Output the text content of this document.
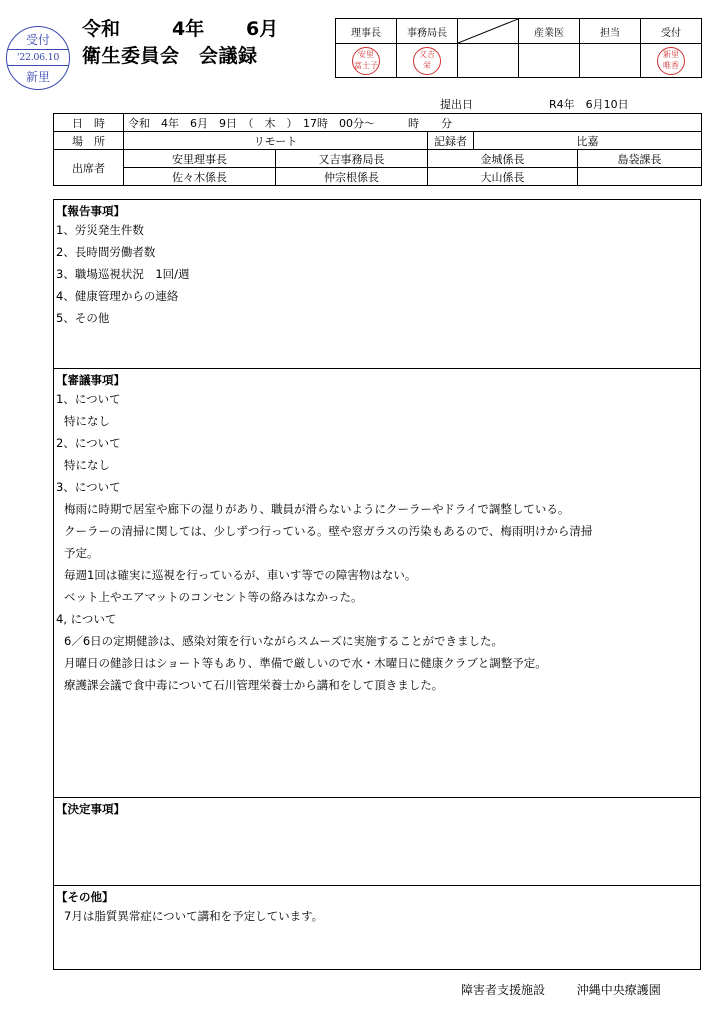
受付
'22.06.10
新里
令和	4年 6月
衛生委員会　会議録
理事長	事務局長		産業医	担当	受付

安里 富士子	又吉 栄				新里 唯香
提出日	R4年　6月10日
日　時	令和　4年　6月　9日　（　木　）　17時　00分～　　　時　　分				
場　所	リモート		記録者	比嘉	
出席者	安里理事長	又吉事務局長	金城係長		島袋課長
	佐々木係長	仲宗根係長	大山係長		
【報告事項】
1、労災発生件数
2、長時間労働者数
3、職場巡視状況　1回/週
4、健康管理からの連絡
5、その他
【審議事項】
1、について
特になし
2、について
特になし
3、について
梅雨に時期で居室や廊下の湿りがあり、職員が滑らないようにクーラーやドライで調整している。
クーラーの清掃に関しては、少しずつ行っている。壁や窓ガラスの汚染もあるので、梅雨明けから清掃
予定。
毎週1回は確実に巡視を行っているが、車いす等での障害物はない。
ベット上やエアマットのコンセント等の絡みはなかった。
4, について
6／6日の定期健診は、感染対策を行いながらスムーズに実施することができました。
月曜日の健診日はショート等もあり、準備で厳しいので水・木曜日に健康クラブと調整予定。
療護課会議で食中毒について石川管理栄養士から講和をして頂きました。
【決定事項】
【その他】
7月は脂質異常症について講和を予定しています。
障害者支援施設 　　	沖縄中央療護園
